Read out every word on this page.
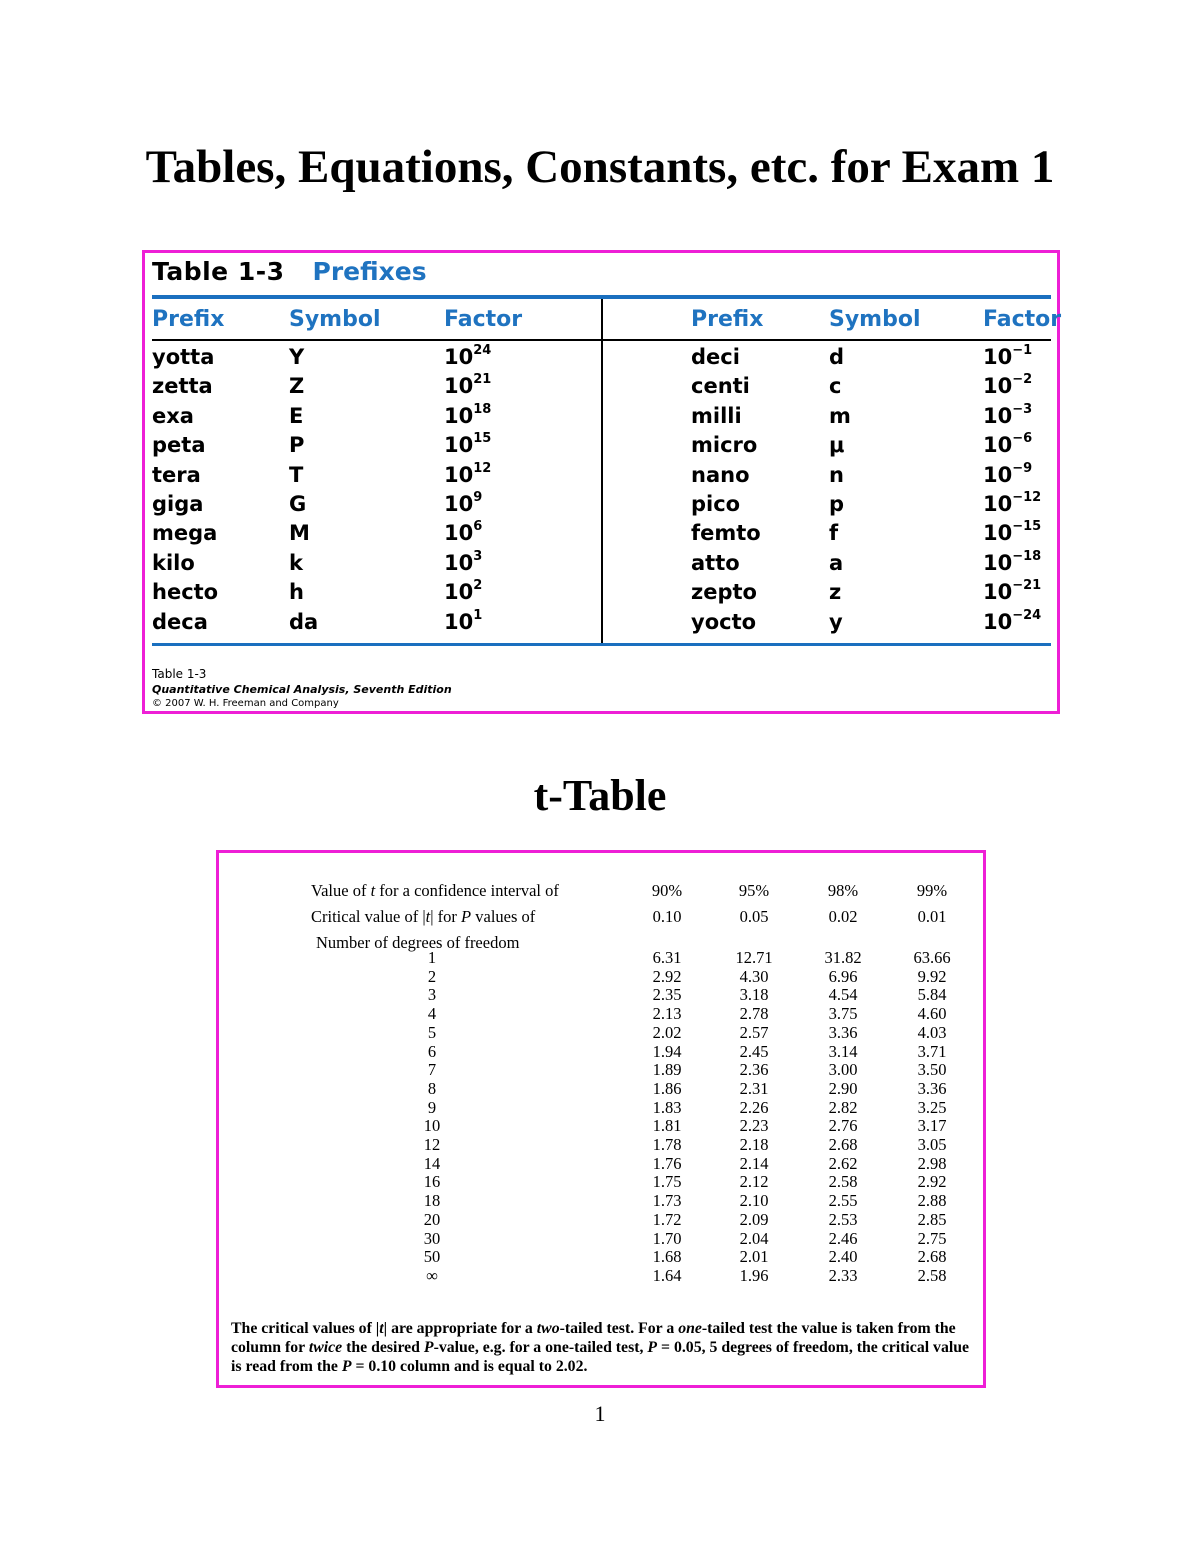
Tables, Equations, Constants, etc. for Exam 1
Table 1-3 Prefixes
Prefix	Symbol	Factor	Prefix	Symbol	Factor
yotta	Y	$10^{24}$
zetta	Z	$10^{21}$
exa	E	$10^{18}$
peta	P	$10^{15}$
tera	T	$10^{12}$
giga	G	$10^9$
mega	M	$10^6$
kilo	k	$10^3$
hecto	h	$10^2$
deca	da	$10^1$
deci	d	$10^{-1}$
centi	c	$10^{-2}$
milli	m	$10^{-3}$
micro	μ	$10^{-6}$
nano	n	$10^{-9}$
pico	p	$10^{-12}$
femto	f	$10^{-15}$
atto	a	$10^{-18}$
zepto	z	$10^{-21}$
yocto	y	$10^{-24}$
Table 1-3
Quantitative Chemical Analysis, Seventh Edition
© 2007 W. H. Freeman and Company
t-Table
Value of t for a confidence interval of
Critical value of |t| for P values of
Number of degrees of freedom
90%	95%	98%	99%
0.10	0.05	0.02	0.01
1	6.31	12.71	31.82	63.66
2	2.92	4.30	6.96	9.92
3	2.35	3.18	4.54	5.84
4	2.13	2.78	3.75	4.60
5	2.02	2.57	3.36	4.03
6	1.94	2.45	3.14	3.71
7	1.89	2.36	3.00	3.50
8	1.86	2.31	2.90	3.36
9	1.83	2.26	2.82	3.25
10	1.81	2.23	2.76	3.17
12	1.78	2.18	2.68	3.05
14	1.76	2.14	2.62	2.98
16	1.75	2.12	2.58	2.92
18	1.73	2.10	2.55	2.88
20	1.72	2.09	2.53	2.85
30	1.70	2.04	2.46	2.75
50	1.68	2.01	2.40	2.68
∞	1.64	1.96	2.33	2.58
The critical values of |t| are appropriate for a two-tailed test. For a one-tailed test the value is taken from the column for twice the desired P-value, e.g. for a one-tailed test, P = 0.05, 5 degrees of freedom, the critical value is read from the P = 0.10 column and is equal to 2.02.
1
